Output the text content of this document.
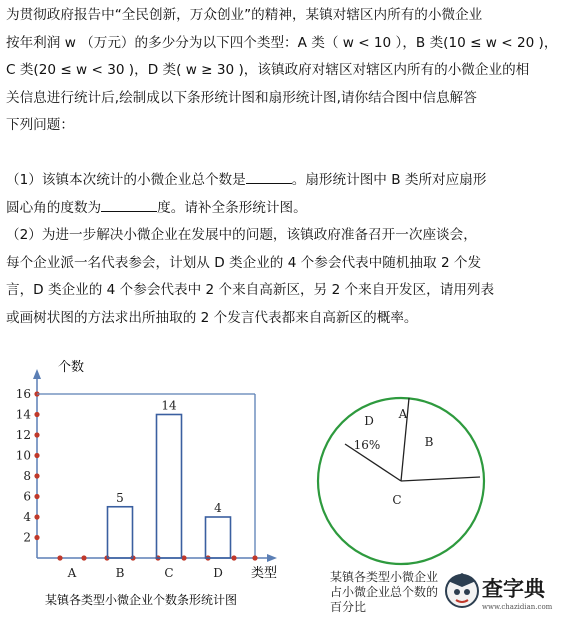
为贯彻政府报告中“全民创新，万众创业”的精神，某镇对辖区内所有的小微企业
按年利润 w （万元）的多少分为以下四个类型：A 类（ w < 10 ），B 类(10 ≤ w < 20 )，
C 类(20 ≤ w < 30 )，D 类( w ≥ 30 )，该镇政府对辖区对辖区内所有的小微企业的相
关信息进行统计后,绘制成以下条形统计图和扇形统计图,请你结合图中信息解答
下列问题：
（1）该镇本次统计的小微企业总个数是	。扇形统计图中 B 类所对应扇形
圆心角的度数为	度。请补全条形统计图。
（2）为进一步解决小微企业在发展中的问题，该镇政府准备召开一次座谈会，
每个企业派一名代表参会，计划从 D 类企业的 4 个参会代表中随机抽取 2 个发
言，D 类企业的 4 个参会代表中 2 个来自高新区，另 2 个来自开发区，请用列表
或画树状图的方法求出所抽取的 2 个发言代表都来自高新区的概率。
个数
类型
某镇各类型小微企业个数条形统计图
2
4
6
8
10
12
14
16
A	B
5
C
14
D
4
A
B
C
D
16%
某镇各类型小微企业占小微企业总个数的百分比
查字典
www.chazidian.com
